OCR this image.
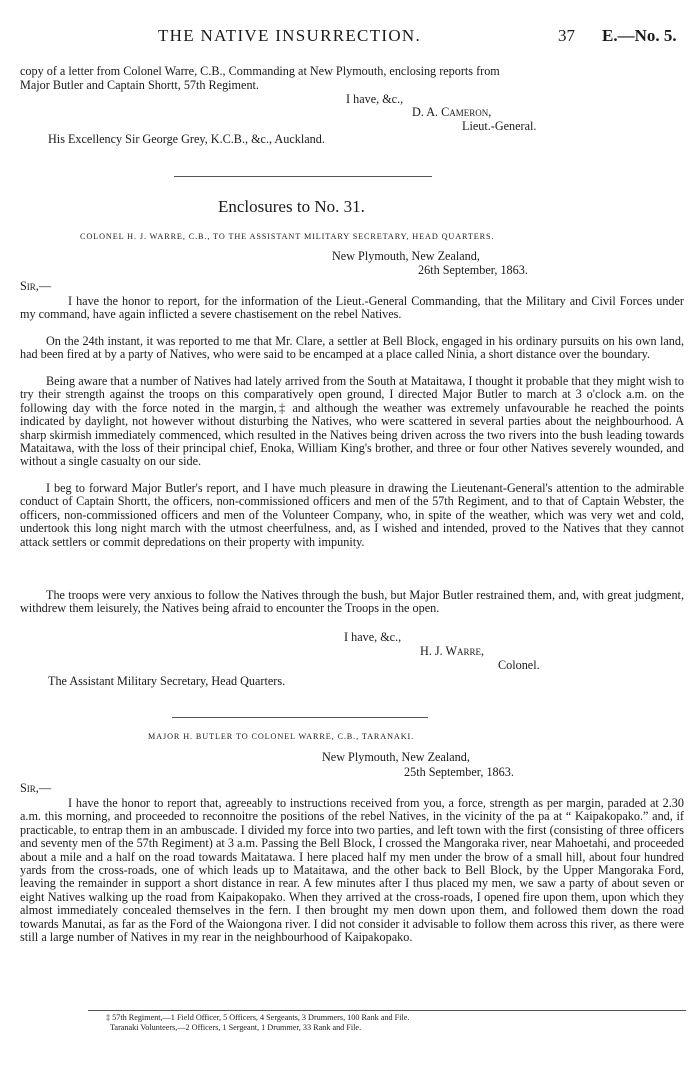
THE NATIVE INSURRECTION.	37 E.—No. 5.
copy of a letter from Colonel Warre, C.B., Commanding at New Plymouth, enclosing reports from
Major Butler and Captain Shortt, 57th Regiment.
I have, &c.,
D. A. Cameron,
Lieut.-General.
His Excellency Sir George Grey, K.C.B., &c., Auckland.
Enclosures to No. 31.
COLONEL H. J. WARRE, C.B., TO THE ASSISTANT MILITARY SECRETARY, HEAD QUARTERS.
New Plymouth, New Zealand,
26th September, 1863.
Sir,—
I have the honor to report, for the information of the Lieut.-General Commanding, that the Military and Civil Forces under my command, have again inflicted a severe chastisement on the rebel Natives.
On the 24th instant, it was reported to me that Mr. Clare, a settler at Bell Block, engaged in his ordinary pursuits on his own land, had been fired at by a party of Natives, who were said to be encamped at a place called Ninia, a short distance over the boundary.
Being aware that a number of Natives had lately arrived from the South at Mataitawa, I thought it probable that they might wish to try their strength against the troops on this comparatively open ground, I directed Major Butler to march at 3 o'clock a.m. on the following day with the force noted in the margin,‡ and although the weather was extremely unfavourable he reached the points indicated by daylight, not however without disturbing the Natives, who were scattered in several parties about the neighbourhood. A sharp skirmish immediately commenced, which resulted in the Natives being driven across the two rivers into the bush leading towards Mataitawa, with the loss of their principal chief, Enoka, William King's brother, and three or four other Natives severely wounded, and without a single casualty on our side.
I beg to forward Major Butler's report, and I have much pleasure in drawing the Lieutenant-General's attention to the admirable conduct of Captain Shortt, the officers, non-commissioned officers and men of the 57th Regiment, and to that of Captain Webster, the officers, non-commissioned officers and men of the Volunteer Company, who, in spite of the weather, which was very wet and cold, undertook this long night march with the utmost cheerfulness, and, as I wished and intended, proved to the Natives that they cannot attack settlers or commit depredations on their property with impunity.
The troops were very anxious to follow the Natives through the bush, but Major Butler restrained them, and, with great judgment, withdrew them leisurely, the Natives being afraid to encounter the Troops in the open.
I have, &c.,
H. J. Warre,
Colonel.
The Assistant Military Secretary, Head Quarters.
MAJOR H. BUTLER TO COLONEL WARRE, C.B., TARANAKI.
New Plymouth, New Zealand,
25th September, 1863.
Sir,—
I have the honor to report that, agreeably to instructions received from you, a force, strength as per margin, paraded at 2.30 a.m. this morning, and proceeded to reconnoitre the positions of the rebel Natives, in the vicinity of the pa at “ Kaipakopako.” and, if practicable, to entrap them in an ambuscade. I divided my force into two parties, and left town with the first (consisting of three officers and seventy men of the 57th Regiment) at 3 a.m. Passing the Bell Block, I crossed the Mangoraka river, near Mahoetahi, and proceeded about a mile and a half on the road towards Maitatawa. I here placed half my men under the brow of a small hill, about four hundred yards from the cross-roads, one of which leads up to Mataitawa, and the other back to Bell Block, by the Upper Mangoraka Ford, leaving the remainder in support a short distance in rear. A few minutes after I thus placed my men, we saw a party of about seven or eight Natives walking up the road from Kaipakopako. When they arrived at the cross-roads, I opened fire upon them, upon which they almost immediately concealed themselves in the fern. I then brought my men down upon them, and followed them down the road towards Manutai, as far as the Ford of the Waiongona river. I did not consider it advisable to follow them across this river, as there were still a large number of Natives in my rear in the neighbourhood of Kaipakopako.
‡ 57th Regiment,—1 Field Officer, 5 Officers, 4 Sergeants, 3 Drummers, 100 Rank and File.
Taranaki Volunteers,—2 Officers, 1 Sergeant, 1 Drummer, 33 Rank and File.
